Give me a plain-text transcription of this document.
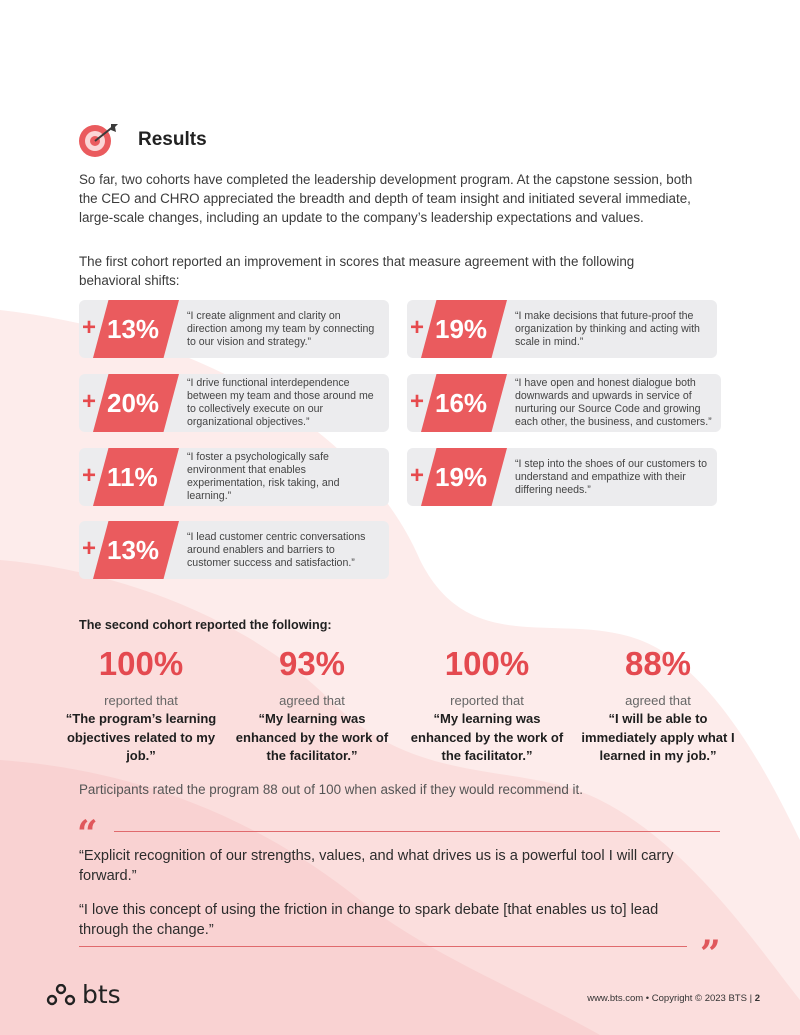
Results

So far, two cohorts have completed the leadership development program. At the capstone session, both the CEO and CHRO appreciated the breadth and depth of team insight and initiated several immediate, large-scale changes, including an update to the company’s leadership expectations and values.

The first cohort reported an improvement in scores that measure agreement with the following behavioral shifts:

+ 13%	“I create alignment and clarity on direction among my team by connecting to our vision and strategy.”
+ 19%	“I make decisions that future-proof the organization by thinking and acting with scale in mind.”
+ 20%
“I drive functional interdependence between my team and those around me to collectively execute on our organizational objectives.”
+ 16%
“I have open and honest dialogue both downwards and upwards in service of nurturing our Source Code and growing each other, the business, and customers.”
+ 11%
“I foster a psychologically safe environment that enables experimentation, risk taking, and learning.”
+ 19%	“I step into the shoes of our customers to understand and empathize with their differing needs.”
+ 13%	“I lead customer centric conversations around enablers and barriers to customer success and satisfaction.”
The second cohort reported the following:
100%
reported that
“The program’s learning objectives related to my job.”
93%
agreed that
“My learning was enhanced by the work of the facilitator.”
100%
reported that
“My learning was enhanced by the work of the facilitator.”
88%
agreed that
“I will be able to immediately apply what I learned in my job.”

Participants rated the program 88 out of 100 when asked if they would recommend it.

“

“Explicit recognition of our strengths, values, and what drives us is a powerful tool I will carry forward.”

“I love this concept of using the friction in change to spark debate [that enables us to] lead through the change.”

”
bts	www.bts.com • Copyright © 2023 BTS | 2
